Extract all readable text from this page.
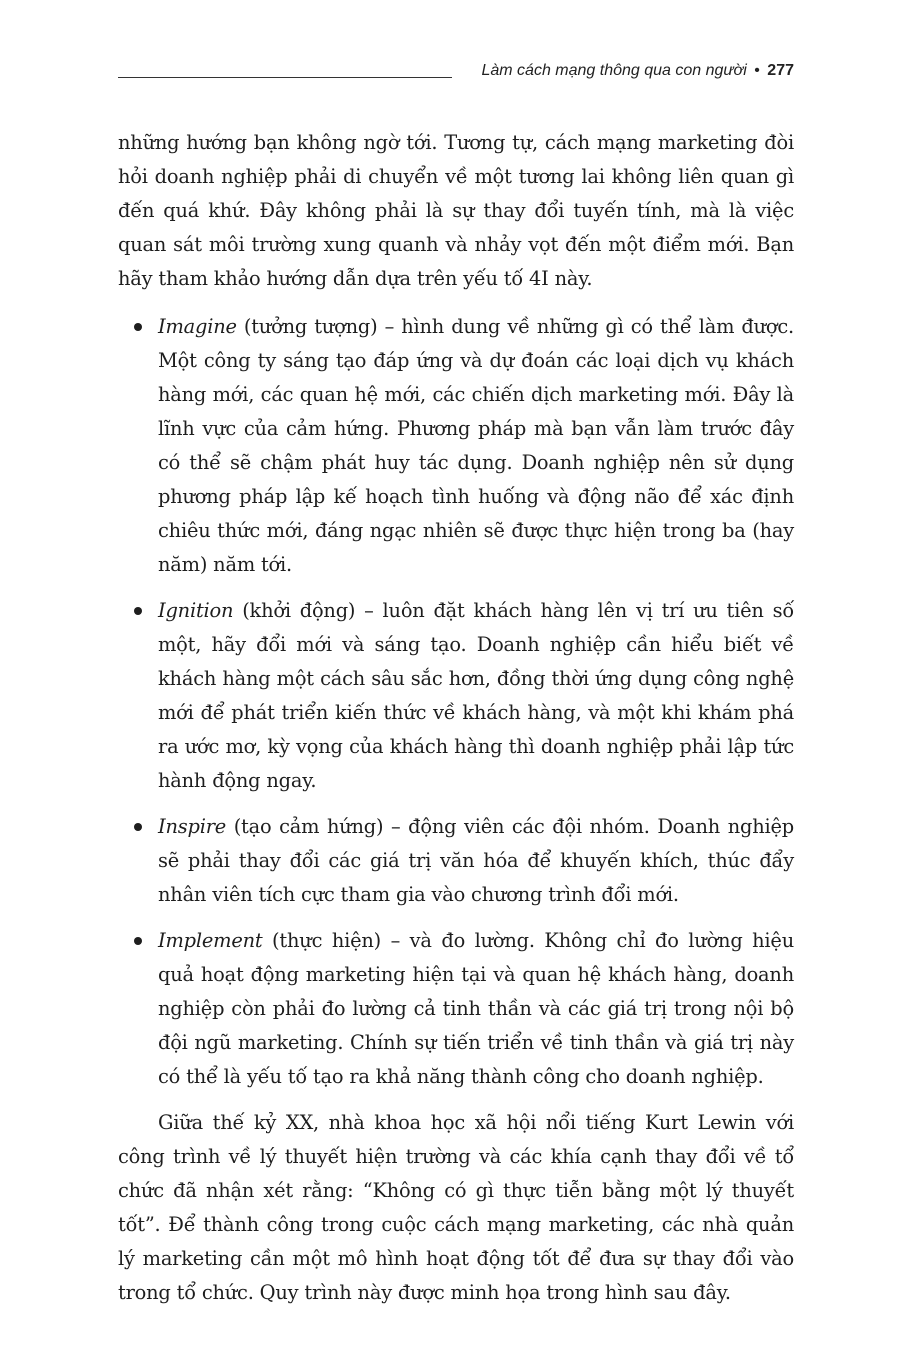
Làm cách mạng thông qua con người • 277

những hướng bạn không ngờ tới. Tương tự, cách mạng marketing đòi hỏi doanh nghiệp phải di chuyển về một tương lai không liên quan gì đến quá khứ. Đây không phải là sự thay đổi tuyến tính, mà là việc quan sát môi trường xung quanh và nhảy vọt đến một điểm mới. Bạn hãy tham khảo hướng dẫn dựa trên yếu tố 4I này.

Imagine (tưởng tượng) – hình dung về những gì có thể làm được. Một công ty sáng tạo đáp ứng và dự đoán các loại dịch vụ khách hàng mới, các quan hệ mới, các chiến dịch marketing mới. Đây là lĩnh vực của cảm hứng. Phương pháp mà bạn vẫn làm trước đây có thể sẽ chậm phát huy tác dụng. Doanh nghiệp nên sử dụng phương pháp lập kế hoạch tình huống và động não để xác định chiêu thức mới, đáng ngạc nhiên sẽ được thực hiện trong ba (hay năm) năm tới.
Ignition (khởi động) – luôn đặt khách hàng lên vị trí ưu tiên số một, hãy đổi mới và sáng tạo. Doanh nghiệp cần hiểu biết về khách hàng một cách sâu sắc hơn, đồng thời ứng dụng công nghệ mới để phát triển kiến thức về khách hàng, và một khi khám phá ra ước mơ, kỳ vọng của khách hàng thì doanh nghiệp phải lập tức hành động ngay.
Inspire (tạo cảm hứng) – động viên các đội nhóm. Doanh nghiệp sẽ phải thay đổi các giá trị văn hóa để khuyến khích, thúc đẩy nhân viên tích cực tham gia vào chương trình đổi mới.
Implement (thực hiện) – và đo lường. Không chỉ đo lường hiệu quả hoạt động marketing hiện tại và quan hệ khách hàng, doanh nghiệp còn phải đo lường cả tinh thần và các giá trị trong nội bộ đội ngũ marketing. Chính sự tiến triển về tinh thần và giá trị này có thể là yếu tố tạo ra khả năng thành công cho doanh nghiệp.

Giữa thế kỷ XX, nhà khoa học xã hội nổi tiếng Kurt Lewin với công trình về lý thuyết hiện trường và các khía cạnh thay đổi về tổ chức đã nhận xét rằng: “Không có gì thực tiễn bằng một lý thuyết tốt”. Để thành công trong cuộc cách mạng marketing, các nhà quản lý marketing cần một mô hình hoạt động tốt để đưa sự thay đổi vào trong tổ chức. Quy trình này được minh họa trong hình sau đây.
